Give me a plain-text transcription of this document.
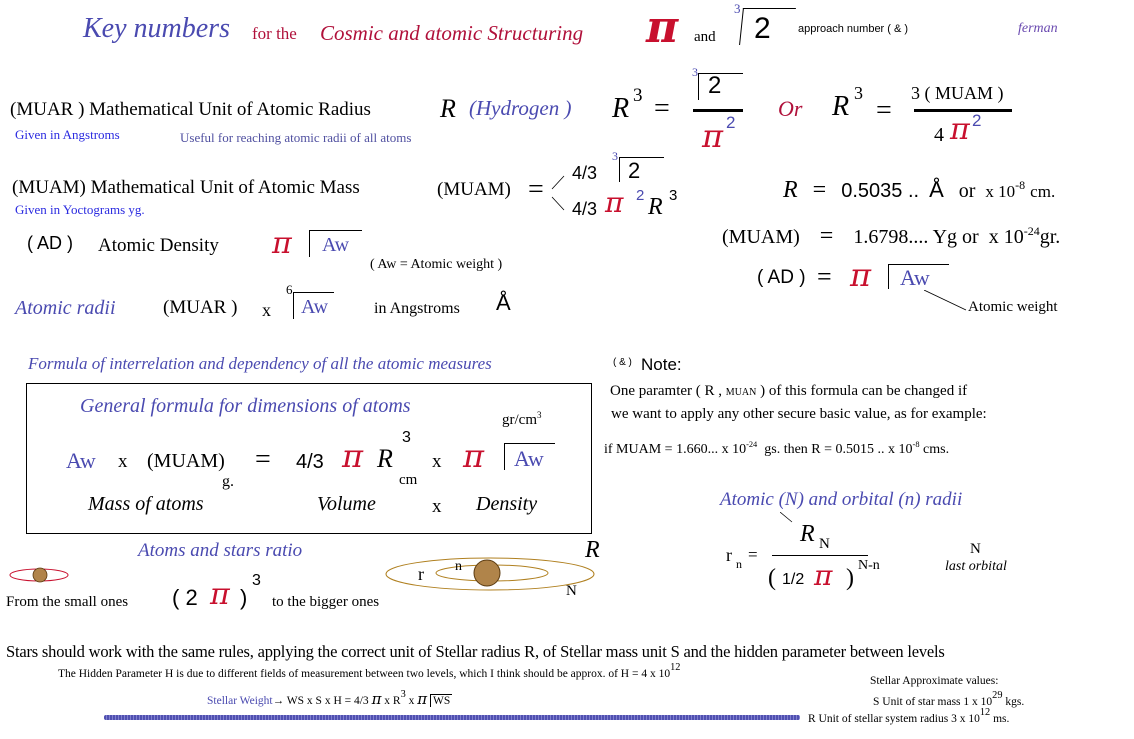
Key numbers for the Cosmic and atomic Structuring π and
3
2 approach number ( & )	ferman
(MUAR ) Mathematical Unit of Atomic Radius	R (Hydrogen )
Given in Angstroms	Useful for reaching atomic radii of all atoms
R 3 =
3 2
π 2
Or R 3
=
3 ( MUAM )
4 π 2
(MUAM) Mathematical Unit of Atomic Mass
Given in Yoctograms yg.
(MUAM) =
4/3
3
2
4/3 π 2 R 3	R = 0.5035 .. Å or x $10^{-8}$ cm.
(MUAM) = 1.6798.... Yg or x $10^{-24}gr$.
( AD ) = π Aw
Atomic weight
( AD ) Atomic Density π Aw
( Aw = Atomic weight )
Atomic radii (MUAR ) x
6
Aw	in Angstroms Å
Formula of interrelation and dependency of all the atomic measures
General formula for dimensions of atoms
$gr/cm^3$
Aw x (MUAM)
g.
= 4/3 π R
3
cm
x π Aw
Mass of atoms	Volume	x Density
Atoms and stars ratio
From the small ones ( 2 π )
3
to the bigger ones
r n
R
N
( & ) Note:
One paramter ( R , MUAN ) of this formula can be changed if
we want to apply any other secure basic value, as for example:
if MUAM = 1.660... x $10^{-24}$ gs. then R = 0.5015 .. x $10^{-8}$ cms.
Atomic (N) and orbital (n) radii
r n =
R N
( 1/2 π ) N-n
N
last orbital
Stars should work with the same rules, applying the correct unit of Stellar radius R, of Stellar mass unit S and the hidden parameter between levels
The Hidden Parameter H is due to different fields of measurement between two levels, which I think should be approx. of H = 4 x 1012
Stellar Approximate values:
Stellar Weight→ WS x S x H = 4/3 π x R3 x π WS	S Unit of star mass 1 x 1029 kgs.
R Unit of stellar system radius 3 x 1012 ms.
